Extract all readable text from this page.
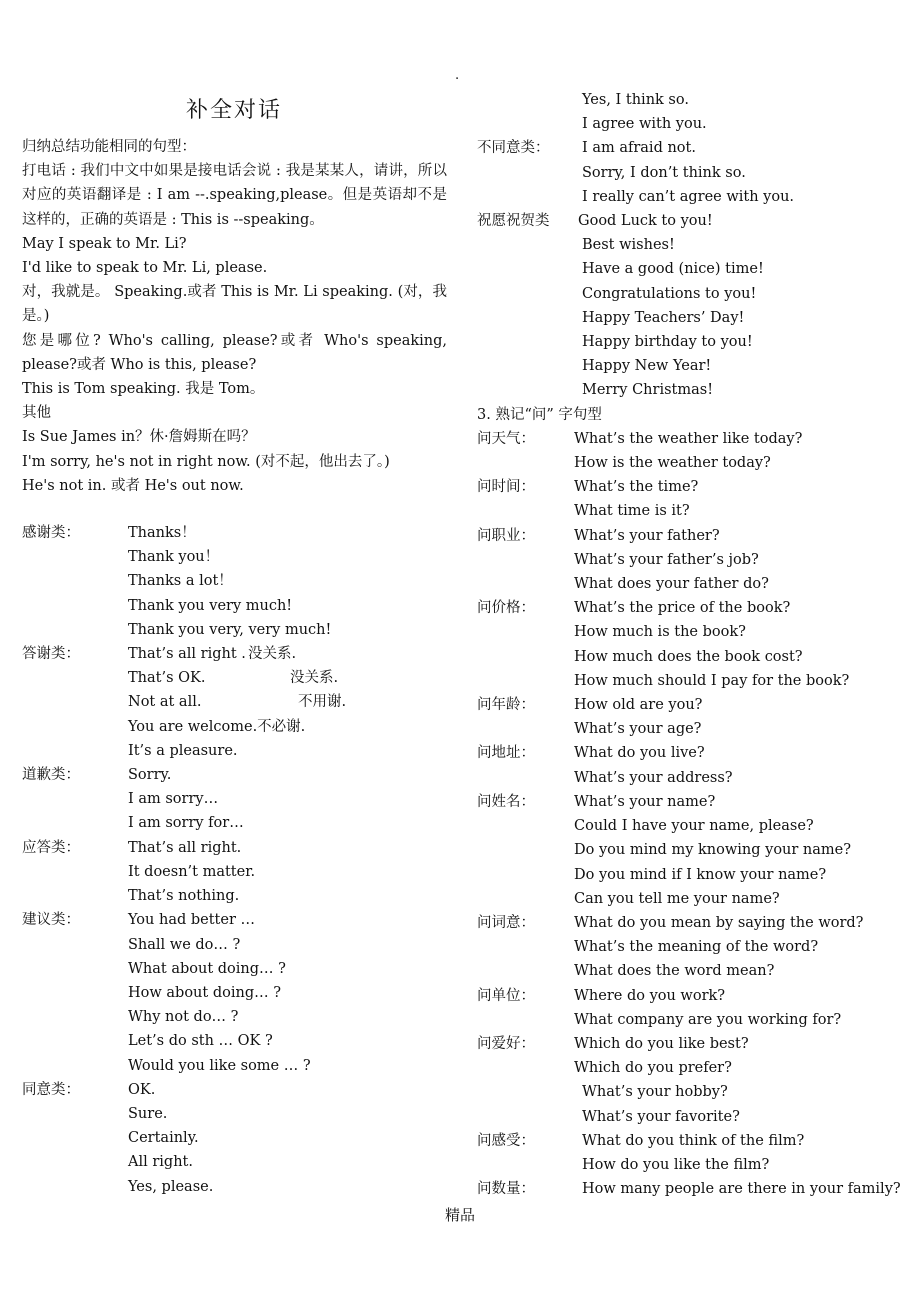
.
补全对话
归纳总结功能相同的句型：
打电话 : 我们中文中如果是接电话会说 : 我是某某人，请讲，所以对应的英语翻译是 : I am --.speaking,please。但是英语却不是这样的，正确的英语是 : This is --speaking。
May I speak to Mr. Li?
I'd like to speak to Mr. Li, please.
对，我就是。 Speaking.或者 This is Mr. Li speaking. (对，我是。)
您是哪位? Who's calling, please?或者 Who's speaking, please?或者 Who is this, please?
This is Tom speaking. 我是 Tom。
其他
Is Sue James in？休·詹姆斯在吗？
I'm sorry, he's not in right now. (对不起，他出去了。)
He's not in. 或者 He's out now.
感谢类：	Thanks！
Thank you！
Thanks a lot！
Thank you very much!
Thank you very, very much!
答谢类：	That’s all right . 没关系.
That’s OK.	没关系.
Not at all.	不用谢.
You are welcome.不必谢.
It’s a pleasure.
道歉类：	Sorry.
I am sorry…
I am sorry for…
应答类：	That’s all right.
It doesn’t matter.
That’s nothing.
建议类：	You had better …
Shall we do… ?
What about doing… ?
How about doing… ?
Why not do… ?
Let’s do sth … OK ?
Would you like some … ?
同意类：	OK.
Sure.
Certainly.
All right.
Yes, please.
Yes, I think so.
I agree with you.
不同意类：	I am afraid not.
Sorry, I don’t think so.
I really can’t agree with you.
祝愿祝贺类	Good Luck to you!
Best wishes!
Have a good (nice) time!
Congratulations to you!
Happy Teachers’ Day!
Happy birthday to you!
Happy New Year!
Merry Christmas!
3. 熟记“问” 字句型
问天气：	What’s the weather like today?
How is the weather today?
问时间：	What’s the time?
What time is it?
问职业：	What’s your father?
What’s your father’s job?
What does your father do?
问价格：	What’s the price of the book?
How much is the book?
How much does the book cost?
How much should I pay for the book?
问年龄：	How old are you?
What’s your age?
问地址：	What do you live?
What’s your address?
问姓名：	What’s your name?
Could I have your name, please?
Do you mind my knowing your name?
Do you mind if I know your name?
Can you tell me your name?
问词意：	What do you mean by saying the word?
What’s the meaning of the word?
What does the word mean?
问单位：	Where do you work?
What company are you working for?
问爱好：	Which do you like best?
Which do you prefer?
What’s your hobby?
What’s your favorite?
问感受：	What do you think of the film?
How do you like the film?
问数量：	How many people are there in your family?
精品
